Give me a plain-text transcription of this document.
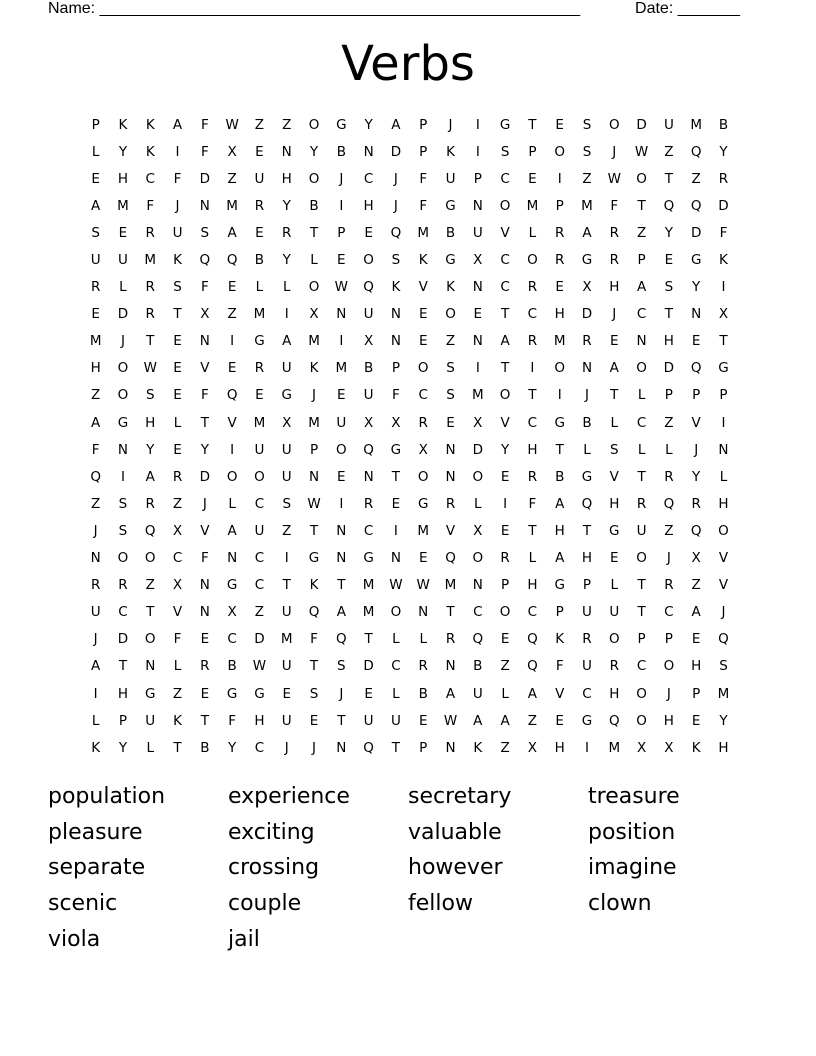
Name: ______________________________________________________	Date: _______
Verbs
P	K	K	A	F	W	Z	Z	O	G	Y	A	P	J	I	G	T	E	S	O	D	U	M	B
L	Y	K	I	F	X	E	N	Y	B	N	D	P	K	I	S	P	O	S	J	W	Z	Q	Y
E	H	C	F	D	Z	U	H	O	J	C	J	F	U	P	C	E	I	Z	W	O	T	Z	R
A	M	F	J	N	M	R	Y	B	I	H	J	F	G	N	O	M	P	M	F	T	Q	Q	D
S	E	R	U	S	A	E	R	T	P	E	Q	M	B	U	V	L	R	A	R	Z	Y	D	F
U	U	M	K	Q	Q	B	Y	L	E	O	S	K	G	X	C	O	R	G	R	P	E	G	K
R	L	R	S	F	E	L	L	O	W	Q	K	V	K	N	C	R	E	X	H	A	S	Y	I
E	D	R	T	X	Z	M	I	X	N	U	N	E	O	E	T	C	H	D	J	C	T	N	X
M	J	T	E	N	I	G	A	M	I	X	N	E	Z	N	A	R	M	R	E	N	H	E	T
H	O	W	E	V	E	R	U	K	M	B	P	O	S	I	T	I	O	N	A	O	D	Q	G
Z	O	S	E	F	Q	E	G	J	E	U	F	C	S	M	O	T	I	J	T	L	P	P	P
A	G	H	L	T	V	M	X	M	U	X	X	R	E	X	V	C	G	B	L	C	Z	V	I
F	N	Y	E	Y	I	U	U	P	O	Q	G	X	N	D	Y	H	T	L	S	L	L	J	N
Q	I	A	R	D	O	O	U	N	E	N	T	O	N	O	E	R	B	G	V	T	R	Y	L
Z	S	R	Z	J	L	C	S	W	I	R	E	G	R	L	I	F	A	Q	H	R	Q	R	H
J	S	Q	X	V	A	U	Z	T	N	C	I	M	V	X	E	T	H	T	G	U	Z	Q	O
N	O	O	C	F	N	C	I	G	N	G	N	E	Q	O	R	L	A	H	E	O	J	X	V
R	R	Z	X	N	G	C	T	K	T	M	W	W	M	N	P	H	G	P	L	T	R	Z	V
U	C	T	V	N	X	Z	U	Q	A	M	O	N	T	C	O	C	P	U	U	T	C	A	J
J	D	O	F	E	C	D	M	F	Q	T	L	L	R	Q	E	Q	K	R	O	P	P	E	Q
A	T	N	L	R	B	W	U	T	S	D	C	R	N	B	Z	Q	F	U	R	C	O	H	S
I	H	G	Z	E	G	G	E	S	J	E	L	B	A	U	L	A	V	C	H	O	J	P	M
L	P	U	K	T	F	H	U	E	T	U	U	E	W	A	A	Z	E	G	Q	O	H	E	Y
K	Y	L	T	B	Y	C	J	J	N	Q	T	P	N	K	Z	X	H	I	M	X	X	K	H
population	experience	secretary	treasure
pleasure	exciting	valuable	position
separate	crossing	however	imagine
scenic	couple	fellow	clown
viola	jail
